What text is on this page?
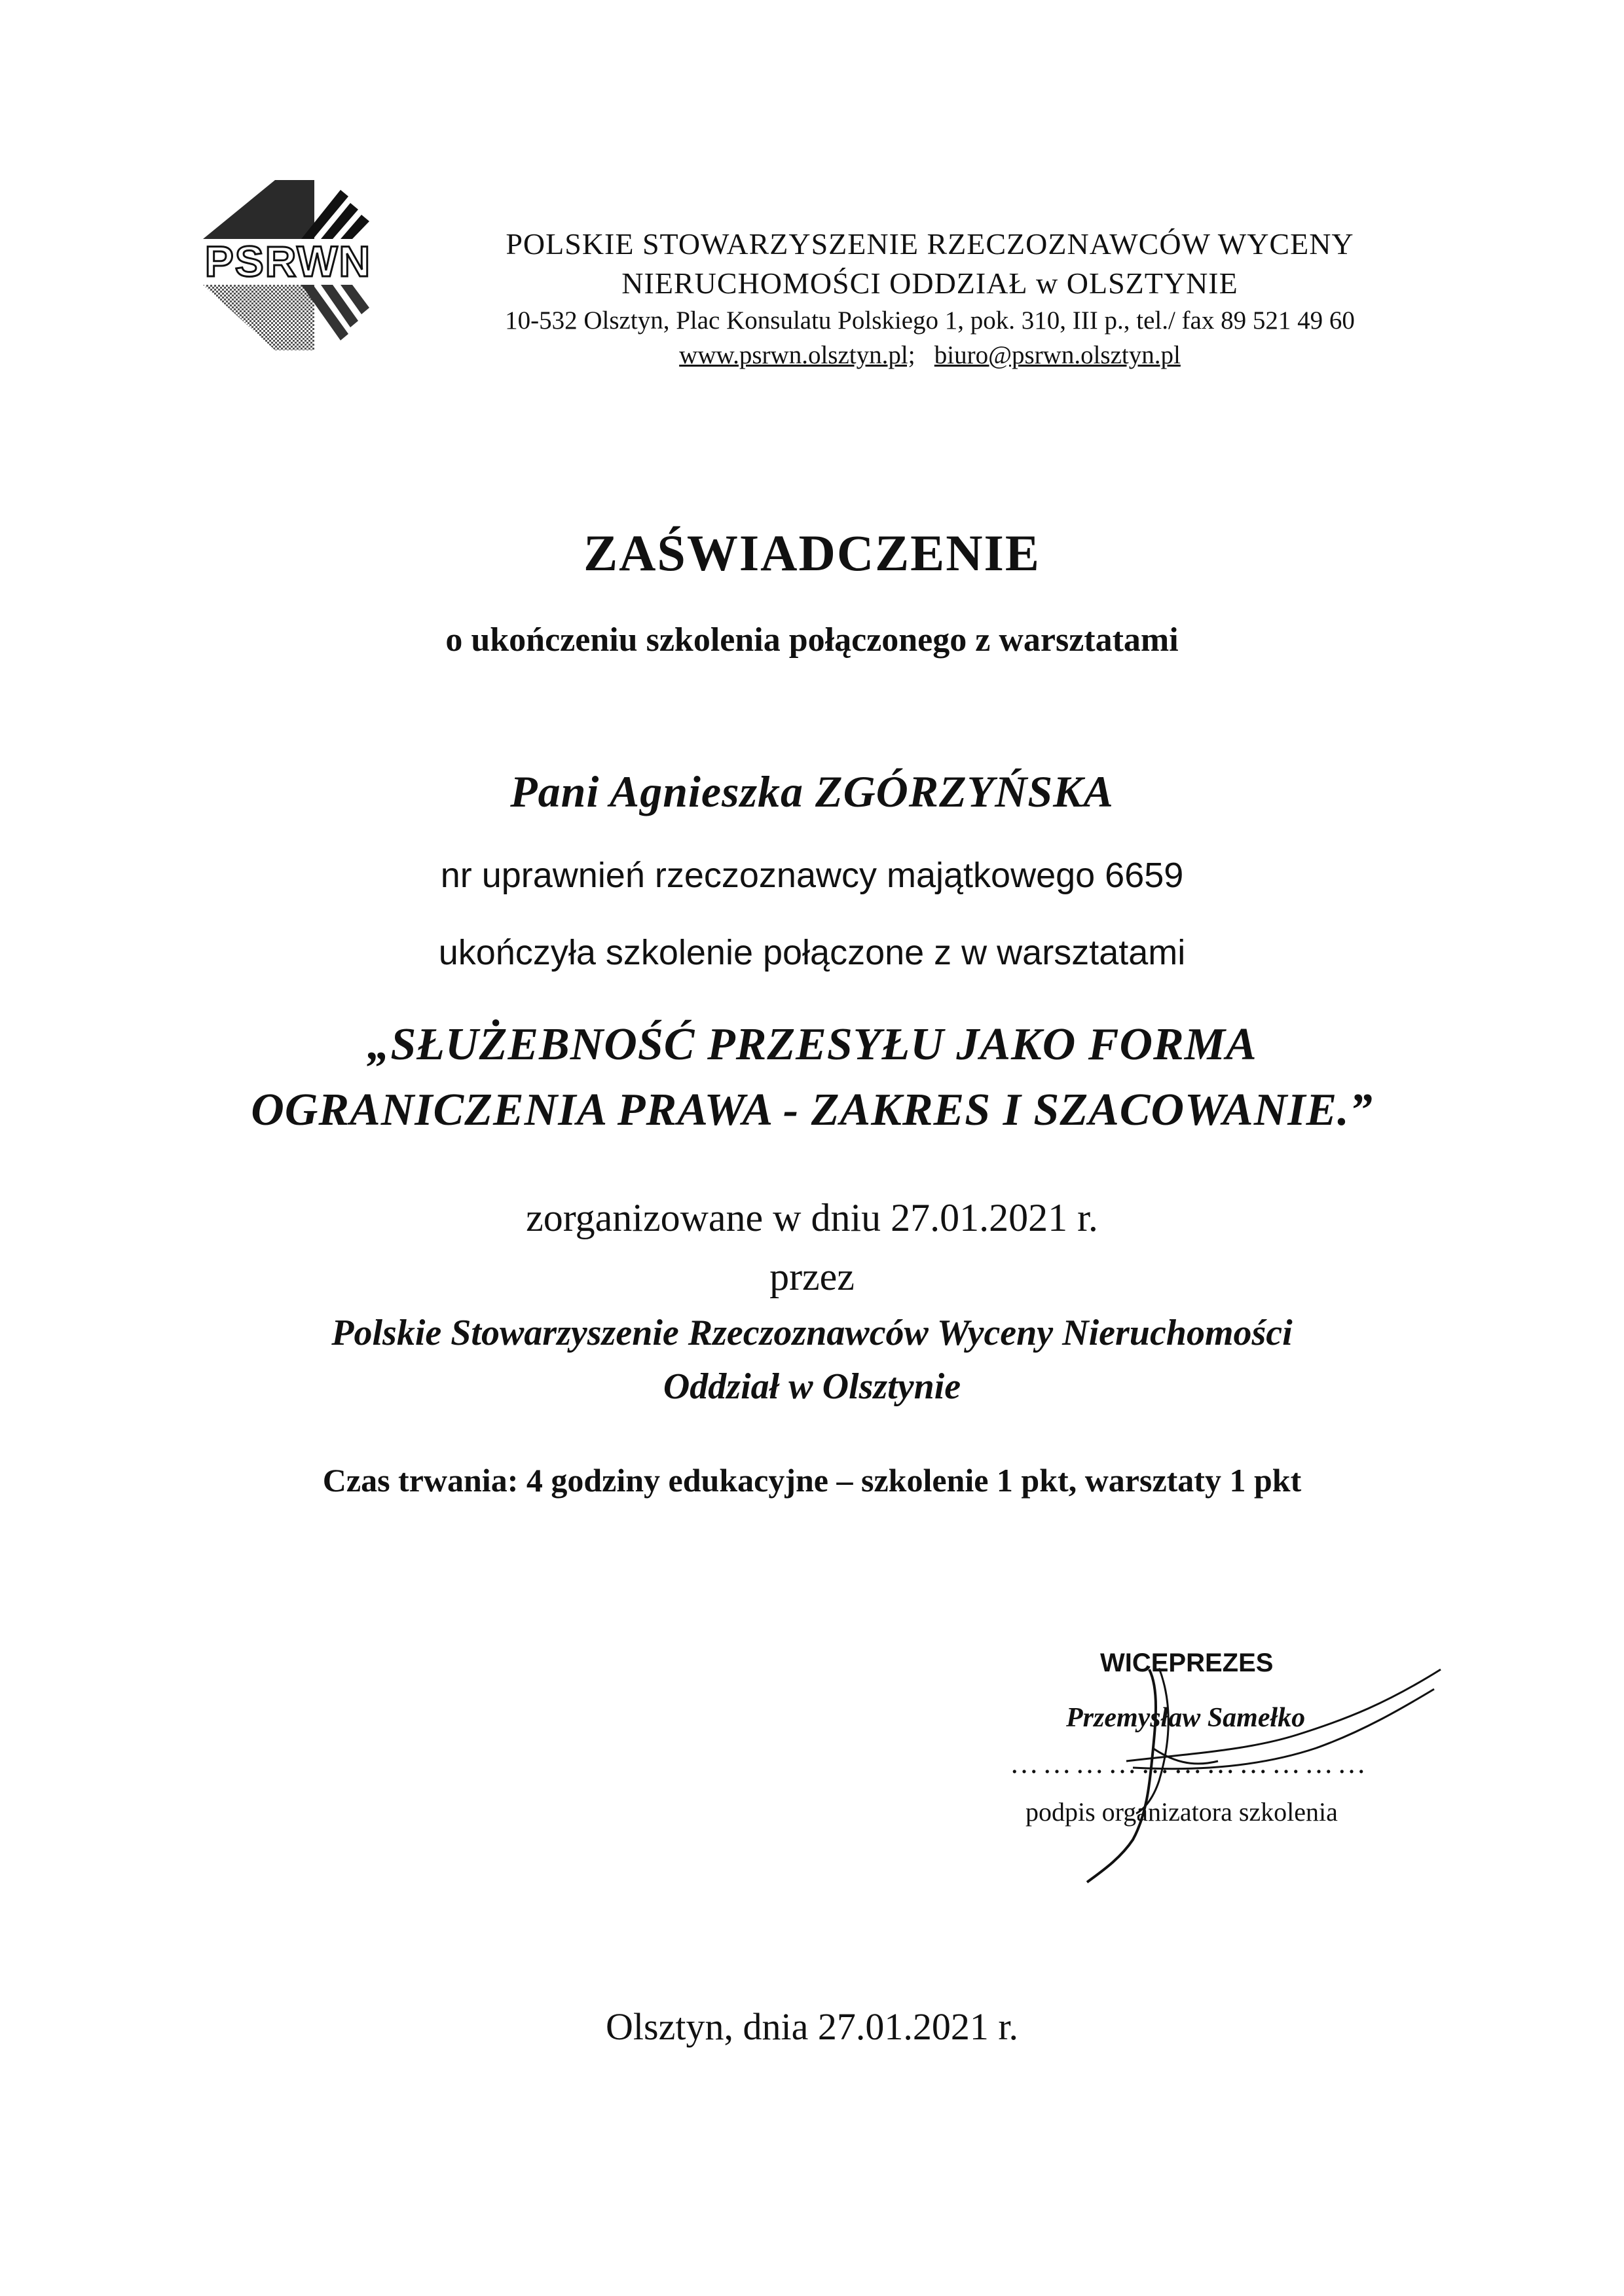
PSRWN	POLSKIE STOWARZYSZENIE RZECZOZNAWCÓW WYCENY
NIERUCHOMOŚCI ODDZIAŁ w OLSZTYNIE
10-532 Olsztyn, Plac Konsulatu Polskiego 1, pok. 310, III p., tel./ fax 89 521 49 60
www.psrwn.olsztyn.pl; biuro@psrwn.olsztyn.pl
ZAŚWIADCZENIE
o ukończeniu szkolenia połączonego z warsztatami
Pani Agnieszka ZGÓRZYŃSKA
nr uprawnień rzeczoznawcy majątkowego 6659
ukończyła szkolenie połączone z w warsztatami
„SŁUŻEBNOŚĆ PRZESYŁU JAKO FORMA
OGRANICZENIA PRAWA - ZAKRES I SZACOWANIE.”
zorganizowane w dniu 27.01.2021 r.
przez
Polskie Stowarzyszenie Rzeczoznawców Wyceny Nieruchomości
Oddział w Olsztynie
Czas trwania: 4 godziny edukacyjne – szkolenie 1 pkt, warsztaty 1 pkt
WICEPREZES
Przemysław Samełko
……………………………
podpis organizatora szkolenia
Olsztyn, dnia 27.01.2021 r.
